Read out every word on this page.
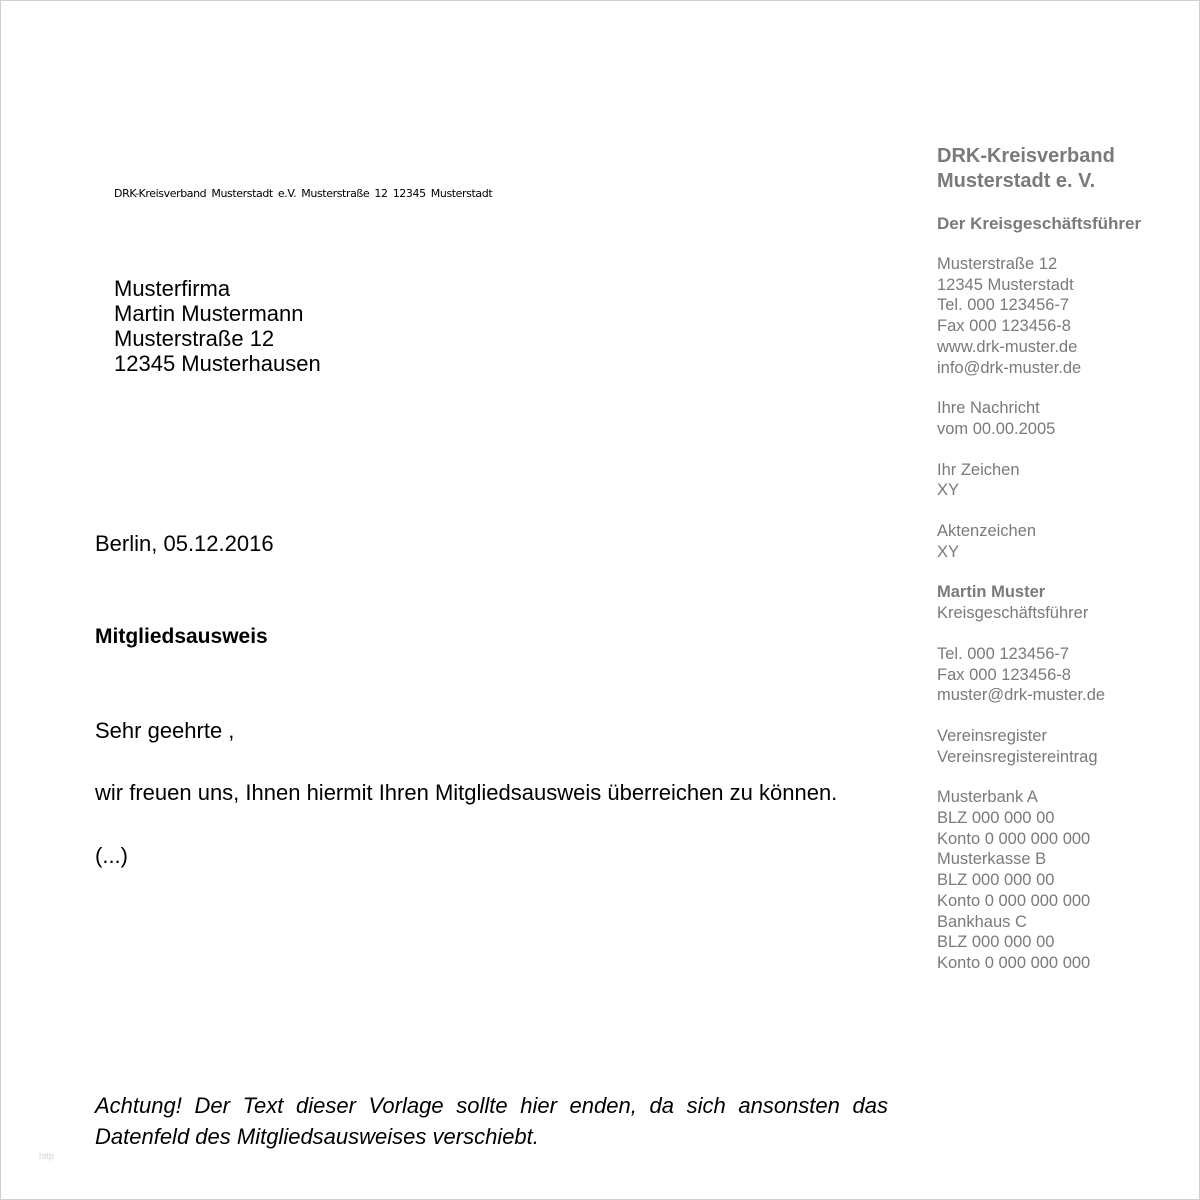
DRK-Kreisverband Musterstadt e.V. Musterstraße 12 12345 Musterstadt
Musterfirma
Martin Mustermann
Musterstraße 12
12345 Musterhausen
Berlin, 05.12.2016
Mitgliedsausweis
Sehr geehrte ,
wir freuen uns, Ihnen hiermit Ihren Mitgliedsausweis überreichen zu können.
(...)
Achtung! Der Text dieser Vorlage sollte hier enden, da sich ansonsten das
Datenfeld des Mitgliedsausweises verschiebt.
http
DRK-Kreisverband
Musterstadt e. V.
Der Kreisgeschäftsführer
Musterstraße 12
12345 Musterstadt
Tel. 000 123456-7
Fax 000 123456-8
www.drk-muster.de
info@drk-muster.de
Ihre Nachricht
vom 00.00.2005
Ihr Zeichen
XY
Aktenzeichen
XY
Martin Muster
Kreisgeschäftsführer
Tel. 000 123456-7
Fax 000 123456-8
muster@drk-muster.de
Vereinsregister
Vereinsregistereintrag
Musterbank A
BLZ 000 000 00
Konto 0 000 000 000
Musterkasse B
BLZ 000 000 00
Konto 0 000 000 000
Bankhaus C
BLZ 000 000 00
Konto 0 000 000 000
